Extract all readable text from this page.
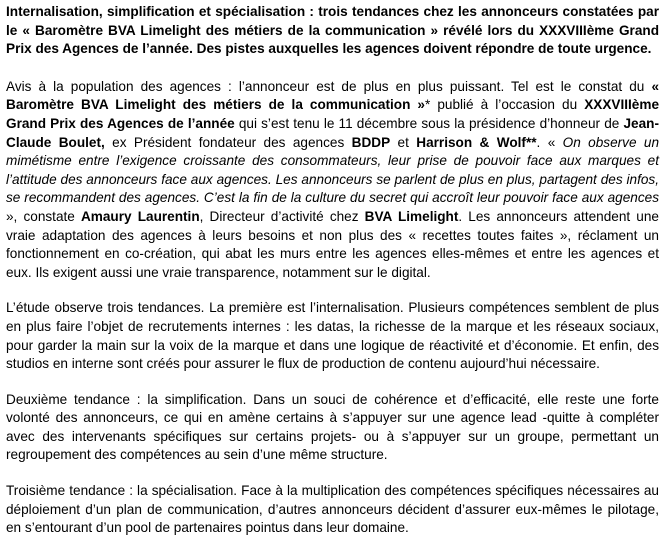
Internalisation, simplification et spécialisation : trois tendances chez les annonceurs constatées par le « Baromètre BVA Limelight des métiers de la communication » révélé lors du XXXVIIIème Grand Prix des Agences de l’année. Des pistes auxquelles les agences doivent répondre de toute urgence.

Avis à la population des agences : l’annonceur est de plus en plus puissant. Tel est le constat du « Baromètre BVA Limelight des métiers de la communication »* publié à l’occasion du XXXVIIIème Grand Prix des Agences de l’année qui s’est tenu le 11 décembre sous la présidence d’honneur de Jean-Claude Boulet, ex Président fondateur des agences BDDP et Harrison & Wolf**. « On observe un mimétisme entre l’exigence croissante des consommateurs, leur prise de pouvoir face aux marques et l’attitude des annonceurs face aux agences. Les annonceurs se parlent de plus en plus, partagent des infos, se recommandent des agences. C’est la fin de la culture du secret qui accroît leur pouvoir face aux agences », constate Amaury Laurentin, Directeur d’activité chez BVA Limelight. Les annonceurs attendent une vraie adaptation des agences à leurs besoins et non plus des « recettes toutes faites », réclament un fonctionnement en co-création, qui abat les murs entre les agences elles-mêmes et entre les agences et eux. Ils exigent aussi une vraie transparence, notamment sur le digital.

L’étude observe trois tendances. La première est l’internalisation. Plusieurs compétences semblent de plus en plus faire l’objet de recrutements internes : les datas, la richesse de la marque et les réseaux sociaux, pour garder la main sur la voix de la marque et dans une logique de réactivité et d’économie. Et enfin, des studios en interne sont créés pour assurer le flux de production de contenu aujourd’hui nécessaire.

Deuxième tendance : la simplification. Dans un souci de cohérence et d’efficacité, elle reste une forte volonté des annonceurs, ce qui en amène certains à s’appuyer sur une agence lead -quitte à compléter avec des intervenants spécifiques sur certains projets- ou à s’appuyer sur un groupe, permettant un regroupement des compétences au sein d’une même structure.

Troisième tendance : la spécialisation. Face à la multiplication des compétences spécifiques nécessaires au déploiement d’un plan de communication, d’autres annonceurs décident d’assurer eux-mêmes le pilotage, en s’entourant d’un pool de partenaires pointus dans leur domaine.
